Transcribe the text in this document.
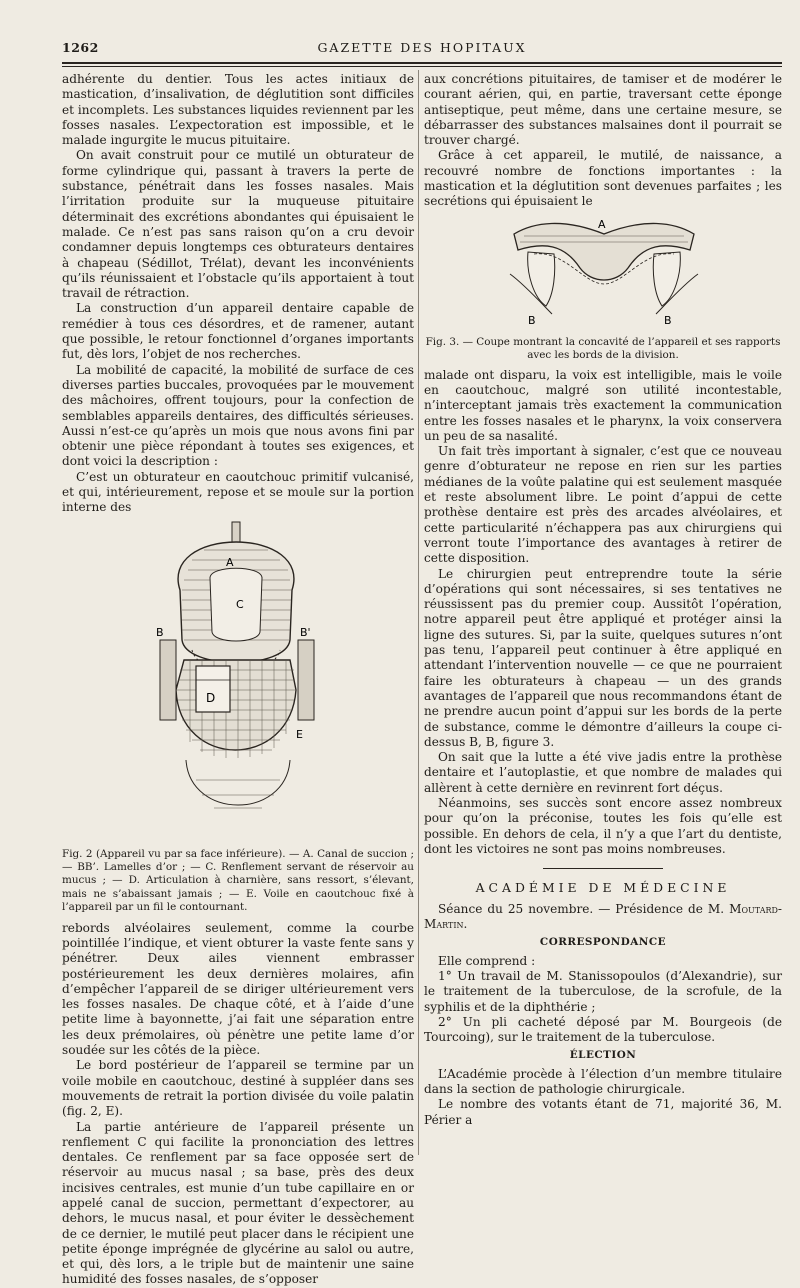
1262	GAZETTE DES HOPITAUX

adhérente du dentier. Tous les actes initiaux de mastication, d’insalivation, de déglutition sont difficiles et incomplets. Les substances liquides reviennent par les fosses nasales. L’expectoration est impossible, et le malade ingurgite le mucus pituitaire.

On avait construit pour ce mutilé un obturateur de forme cylindrique qui, passant à travers la perte de substance, pénétrait dans les fosses nasales. Mais l’irritation produite sur la muqueuse pituitaire déterminait des excrétions abondantes qui épuisaient le malade. Ce n’est pas sans raison qu’on a cru devoir condamner depuis longtemps ces obturateurs dentaires à chapeau (Sédillot, Trélat), devant les inconvénients qu’ils réunissaient et l’obstacle qu’ils apportaient à tout travail de rétraction.

La construction d’un appareil dentaire capable de remédier à tous ces désordres, et de ramener, autant que possible, le retour fonctionnel d’organes importants fut, dès lors, l’objet de nos recherches.

La mobilité de capacité, la mobilité de surface de ces diverses parties buccales, provoquées par le mouvement des mâchoires, offrent toujours, pour la confection de semblables appareils dentaires, des difficultés sérieuses. Aussi n’est-ce qu’après un mois que nous avons fini par obtenir une pièce répondant à toutes ses exigences, et dont voici la description :

C’est un obturateur en caoutchouc primitif vulcanisé, et qui, intérieurement, repose et se moule sur la portion interne des

A
B	B'
C
D
E

Fig. 2 (Appareil vu par sa face inférieure). — A. Canal de succion ; — BB’. Lamelles d’or ; — C. Renflement servant de réservoir au mucus ; — D. Articulation à charnière, sans ressort, s’élevant, mais ne s’abaissant jamais ; — E. Voile en caoutchouc fixé à l’appareil par un fil le contournant.

rebords alvéolaires seulement, comme la courbe pointillée l’indique, et vient obturer la vaste fente sans y pénétrer. Deux ailes viennent embrasser postérieurement les deux dernières molaires, afin d’empêcher l’appareil de se diriger ultérieurement vers les fosses nasales. De chaque côté, et à l’aide d’une petite lime à bayonnette, j’ai fait une séparation entre les deux prémolaires, où pénètre une petite lame d’or soudée sur les côtés de la pièce.

Le bord postérieur de l’appareil se termine par un voile mobile en caoutchouc, destiné à suppléer dans ses mouvements de retrait la portion divisée du voile palatin (fig. 2, E).

La partie antérieure de l’appareil présente un renflement C qui facilite la prononciation des lettres dentales. Ce renflement par sa face opposée sert de réservoir au mucus nasal ; sa base, près des deux incisives centrales, est munie d’un tube capillaire en or appelé canal de succion, permettant d’expectorer, au dehors, le mucus nasal, et pour éviter le dessèchement de ce dernier, le mutilé peut placer dans le récipient une petite éponge imprégnée de glycérine au salol ou autre, et qui, dès lors, a le triple but de maintenir une saine humidité des fosses nasales, de s’opposer

aux concrétions pituitaires, de tamiser et de modérer le courant aérien, qui, en partie, traversant cette éponge antiseptique, peut même, dans une certaine mesure, se débarrasser des substances malsaines dont il pourrait se trouver chargé.

Grâce à cet appareil, le mutilé, de naissance, a recouvré nombre de fonctions importantes : la mastication et la déglutition sont devenues parfaites ; les secrétions qui épuisaient le

A
B	B
Fig. 3. — Coupe montrant la concavité de l’appareil et ses rapports avec les bords de la division.

malade ont disparu, la voix est intelligible, mais le voile en caoutchouc, malgré son utilité incontestable, n’interceptant jamais très exactement la communication entre les fosses nasales et le pharynx, la voix conservera un peu de sa nasalité.

Un fait très important à signaler, c’est que ce nouveau genre d’obturateur ne repose en rien sur les parties médianes de la voûte palatine qui est seulement masquée et reste absolument libre. Le point d’appui de cette prothèse dentaire est près des arcades alvéolaires, et cette particularité n’échappera pas aux chirurgiens qui verront toute l’importance des avantages à retirer de cette disposition.

Le chirurgien peut entreprendre toute la série d’opérations qui sont nécessaires, si ses tentatives ne réussissent pas du premier coup. Aussitôt l’opération, notre appareil peut être appliqué et protéger ainsi la ligne des sutures. Si, par la suite, quelques sutures n’ont pas tenu, l’appareil peut continuer à être appliqué en attendant l’intervention nouvelle — ce que ne pourraient faire les obturateurs à chapeau — un des grands avantages de l’appareil que nous recommandons étant de ne prendre aucun point d’appui sur les bords de la perte de substance, comme le démontre d’ailleurs la coupe ci-dessus B, B, figure 3.

On sait que la lutte a été vive jadis entre la prothèse dentaire et l’autoplastie, et que nombre de malades qui allèrent à cette dernière en revinrent fort déçus.

Néanmoins, ses succès sont encore assez nombreux pour qu’on la préconise, toutes les fois qu’elle est possible. En dehors de cela, il n’y a que l’art du dentiste, dont les victoires ne sont pas moins nombreuses.

ACADÉMIE DE MÉDECINE

Séance du 25 novembre. — Présidence de M. Moutard-Martin.

CORRESPONDANCE

Elle comprend :

1° Un travail de M. Stanissopoulos (d’Alexandrie), sur le traitement de la tuberculose, de la scrofule, de la syphilis et de la diphthérie ;

2° Un pli cacheté déposé par M. Bourgeois (de Tourcoing), sur le traitement de la tuberculose.

ÉLECTION

L’Académie procède à l’élection d’un membre titulaire dans la section de pathologie chirurgicale.

Le nombre des votants étant de 71, majorité 36, M. Périer a
